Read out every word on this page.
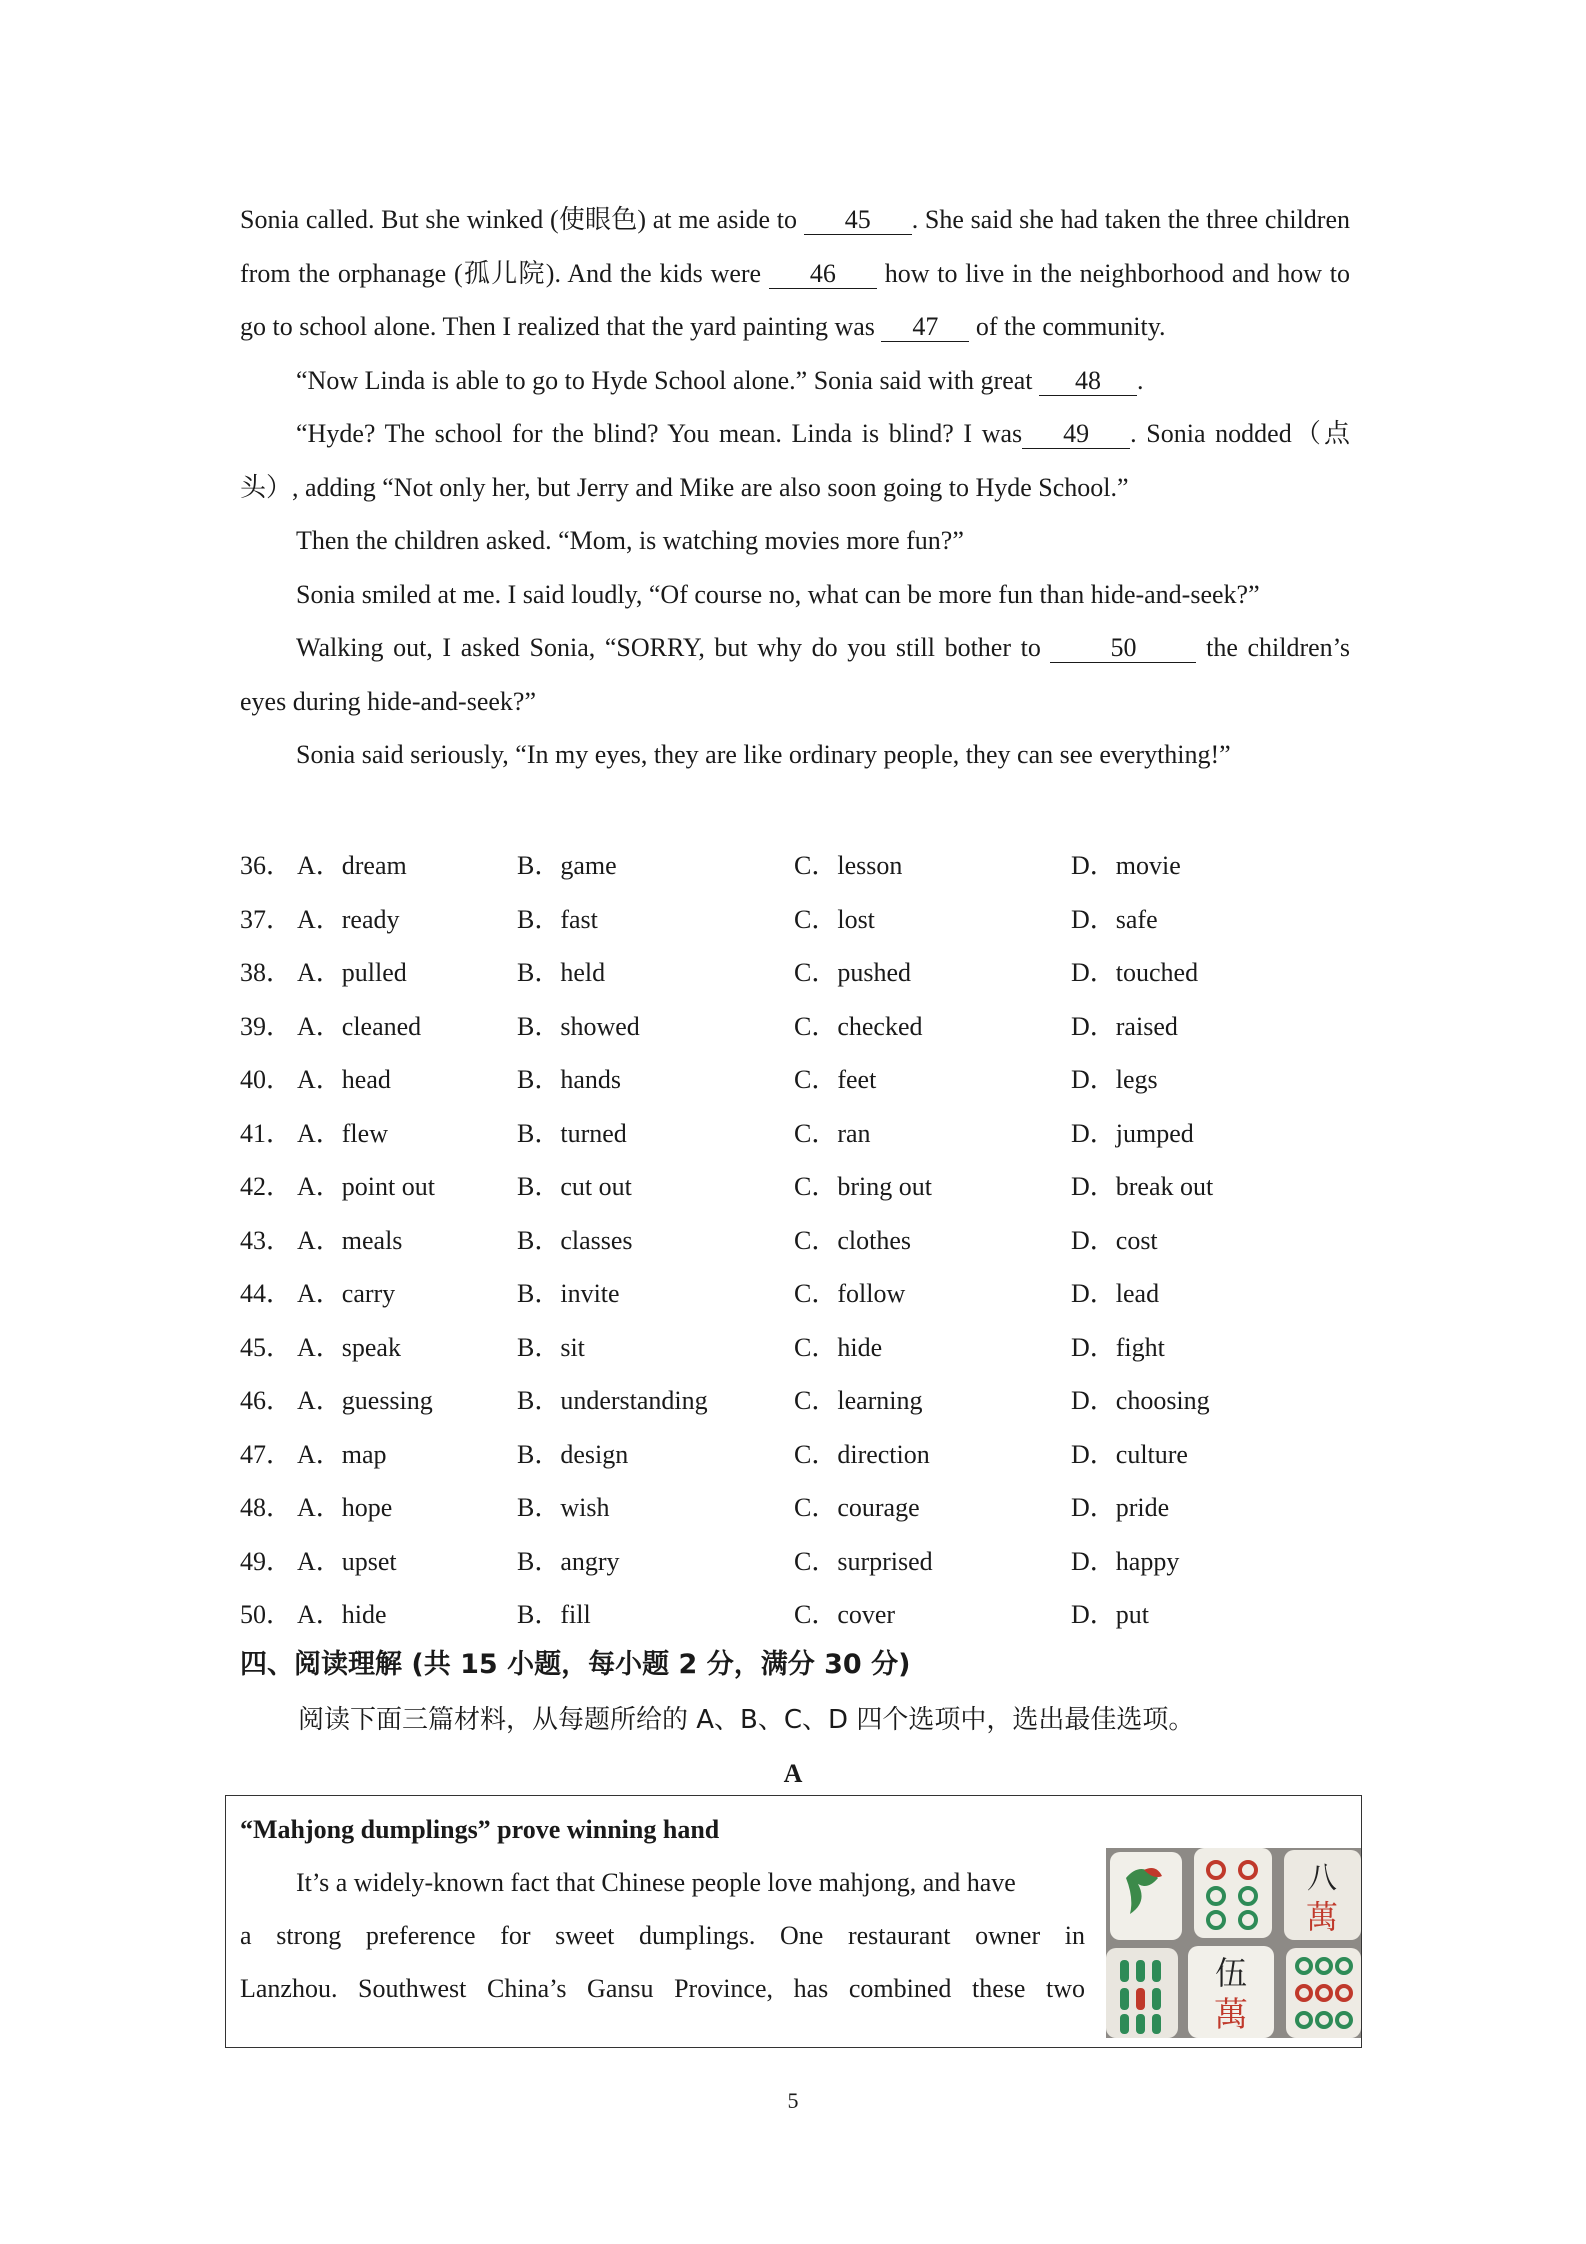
Sonia called. But she winked (使眼色) at me aside to 45 . She said she had taken the three children from the orphanage (孤儿院). And the kids were 46 how to live in the neighborhood and how to go to school alone. Then I realized that the yard painting was 47 of the community.

“Now Linda is able to go to Hyde School alone.” Sonia said with great 48 .

“Hyde? The school for the blind? You mean. Linda is blind? I was 49 . Sonia nodded（点头）, adding “Not only her, but Jerry and Mike are also soon going to Hyde School.”

Then the children asked. “Mom, is watching movies more fun?”

Sonia smiled at me. I said loudly, “Of course no, what can be more fun than hide-and-seek?”

Walking out, I asked Sonia, “SORRY, but why do you still bother to 50 the children’s eyes during hide-and-seek?”

Sonia said seriously, “In my eyes, they are like ordinary people, they can see everything!”

36． A．dream	B．game	C．lesson	D．movie
37． A．ready	B．fast	C．lost	D．safe
38． A．pulled	B．held	C．pushed	D．touched
39． A．cleaned	B．showed	C．checked	D．raised
40． A．head	B．hands	C．feet	D．legs
41． A．flew	B．turned	C．ran	D．jumped
42． A．point out	B．cut out	C．bring out	D．break out
43． A．meals	B．classes	C．clothes	D．cost
44． A．carry	B．invite	C．follow	D．lead
45． A．speak	B．sit	C．hide	D．fight
46． A．guessing	B．understanding	C．learning	D．choosing
47． A．map	B．design	C．direction	D．culture
48． A．hope	B．wish	C．courage	D．pride
49． A．upset	B．angry	C．surprised	D．happy
50． A．hide	B．fill	C．cover	D．put
四、阅读理解 (共 15 小题，每小题 2 分，满分 30 分)
阅读下面三篇材料，从每题所给的 A、B、C、D 四个选项中，选出最佳选项。
A
“Mahjong dumplings” prove winning hand
It’s a widely-known fact that Chinese people love mahjong, and have
a strong preference for sweet dumplings. One restaurant owner in
Lanzhou. Southwest China’s Gansu Province, has combined these two
八
萬
伍
萬
5
